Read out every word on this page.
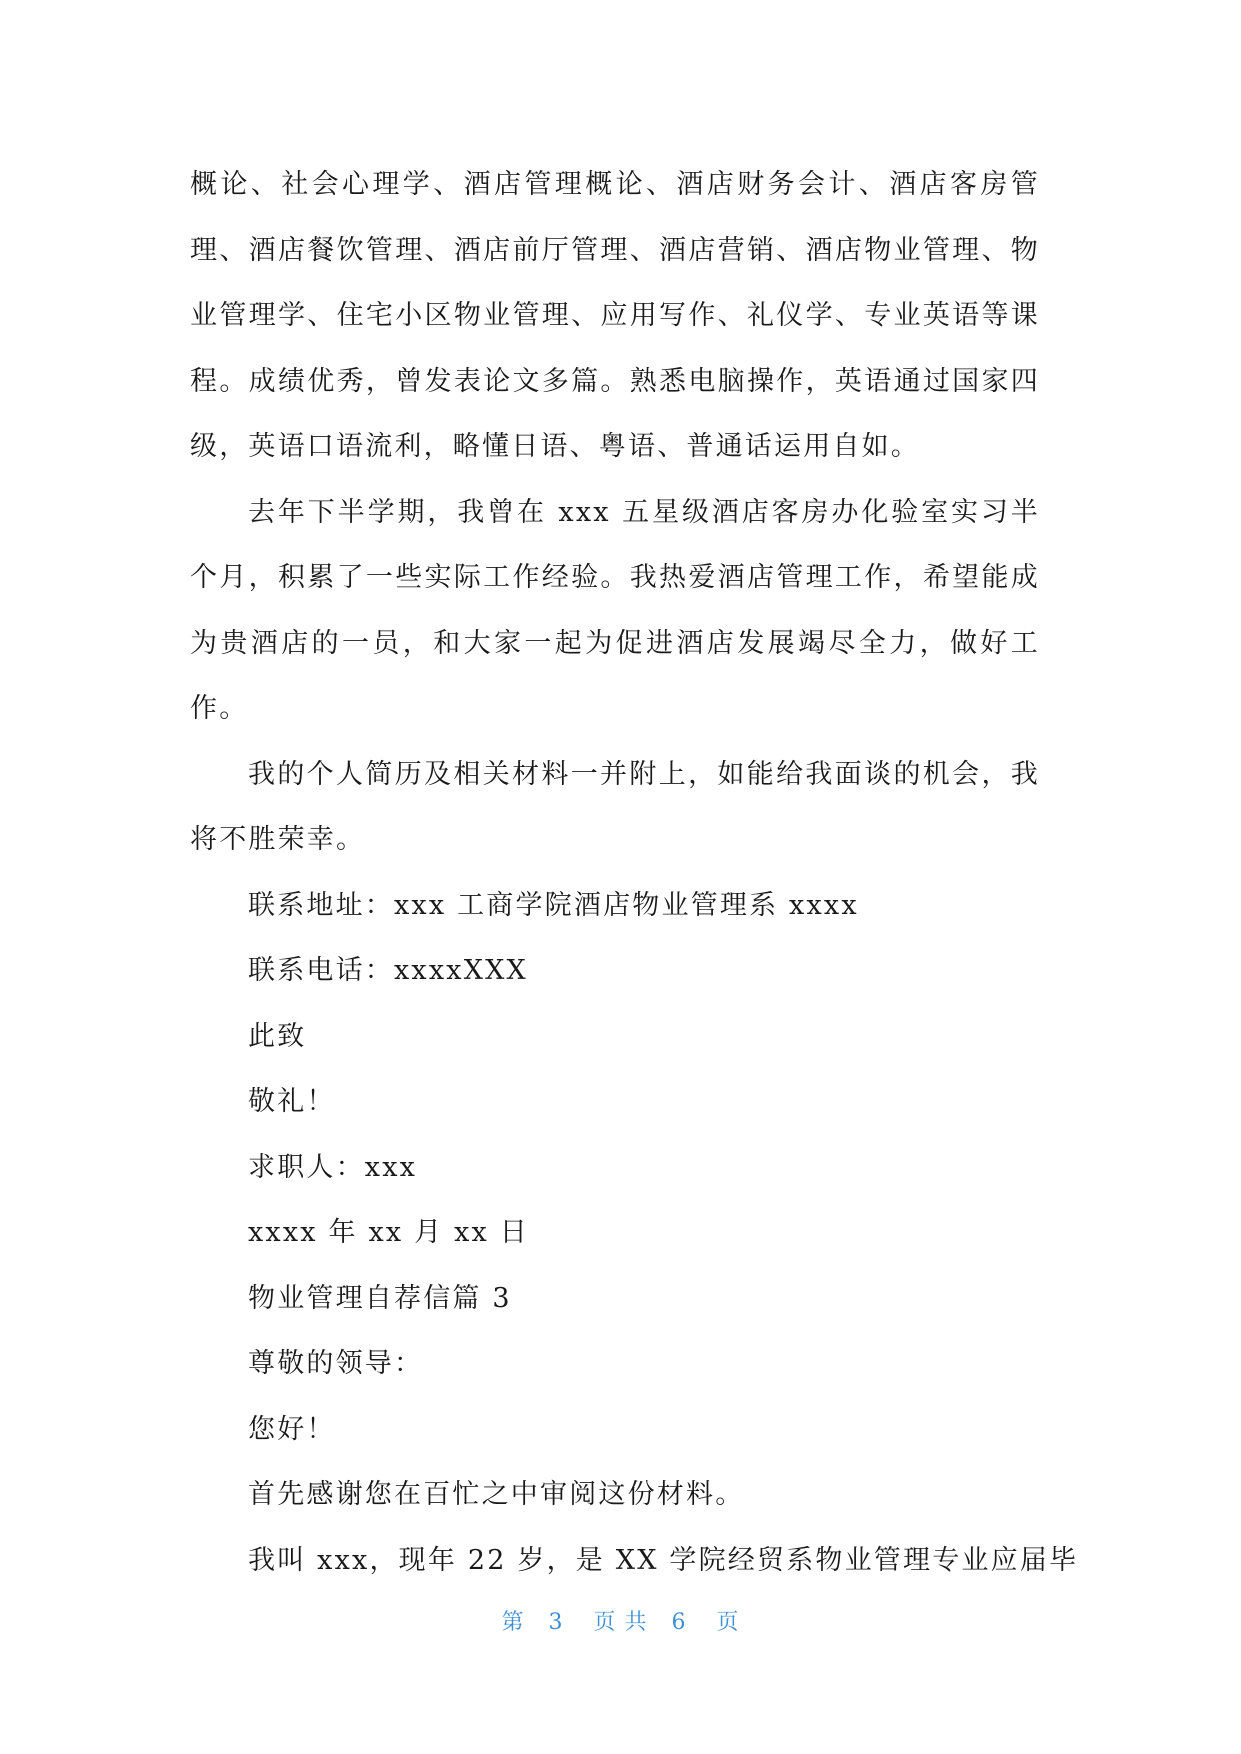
概论、社会心理学、酒店管理概论、酒店财务会计、酒店客房管理、酒店餐饮管理、酒店前厅管理、酒店营销、酒店物业管理、物业管理学、住宅小区物业管理、应用写作、礼仪学、专业英语等课程。成绩优秀，曾发表论文多篇。熟悉电脑操作，英语通过国家四级，英语口语流利，略懂日语、粤语、普通话运用自如。

去年下半学期，我曾在 xxx 五星级酒店客房办化验室实习半个月，积累了一些实际工作经验。我热爱酒店管理工作，希望能成为贵酒店的一员，和大家一起为促进酒店发展竭尽全力，做好工作。

我的个人简历及相关材料一并附上，如能给我面谈的机会，我将不胜荣幸。

联系地址：xxx 工商学院酒店物业管理系 xxxx

联系电话：xxxxXXX

此致

敬礼！

求职人：xxx

xxxx 年 xx 月 xx 日

物业管理自荐信篇 3

尊敬的领导：

您好！

首先感谢您在百忙之中审阅这份材料。

我叫 xxx，现年 22 岁，是 XX 学院经贸系物业管理专业应届毕

第 3 页 共 6 页
